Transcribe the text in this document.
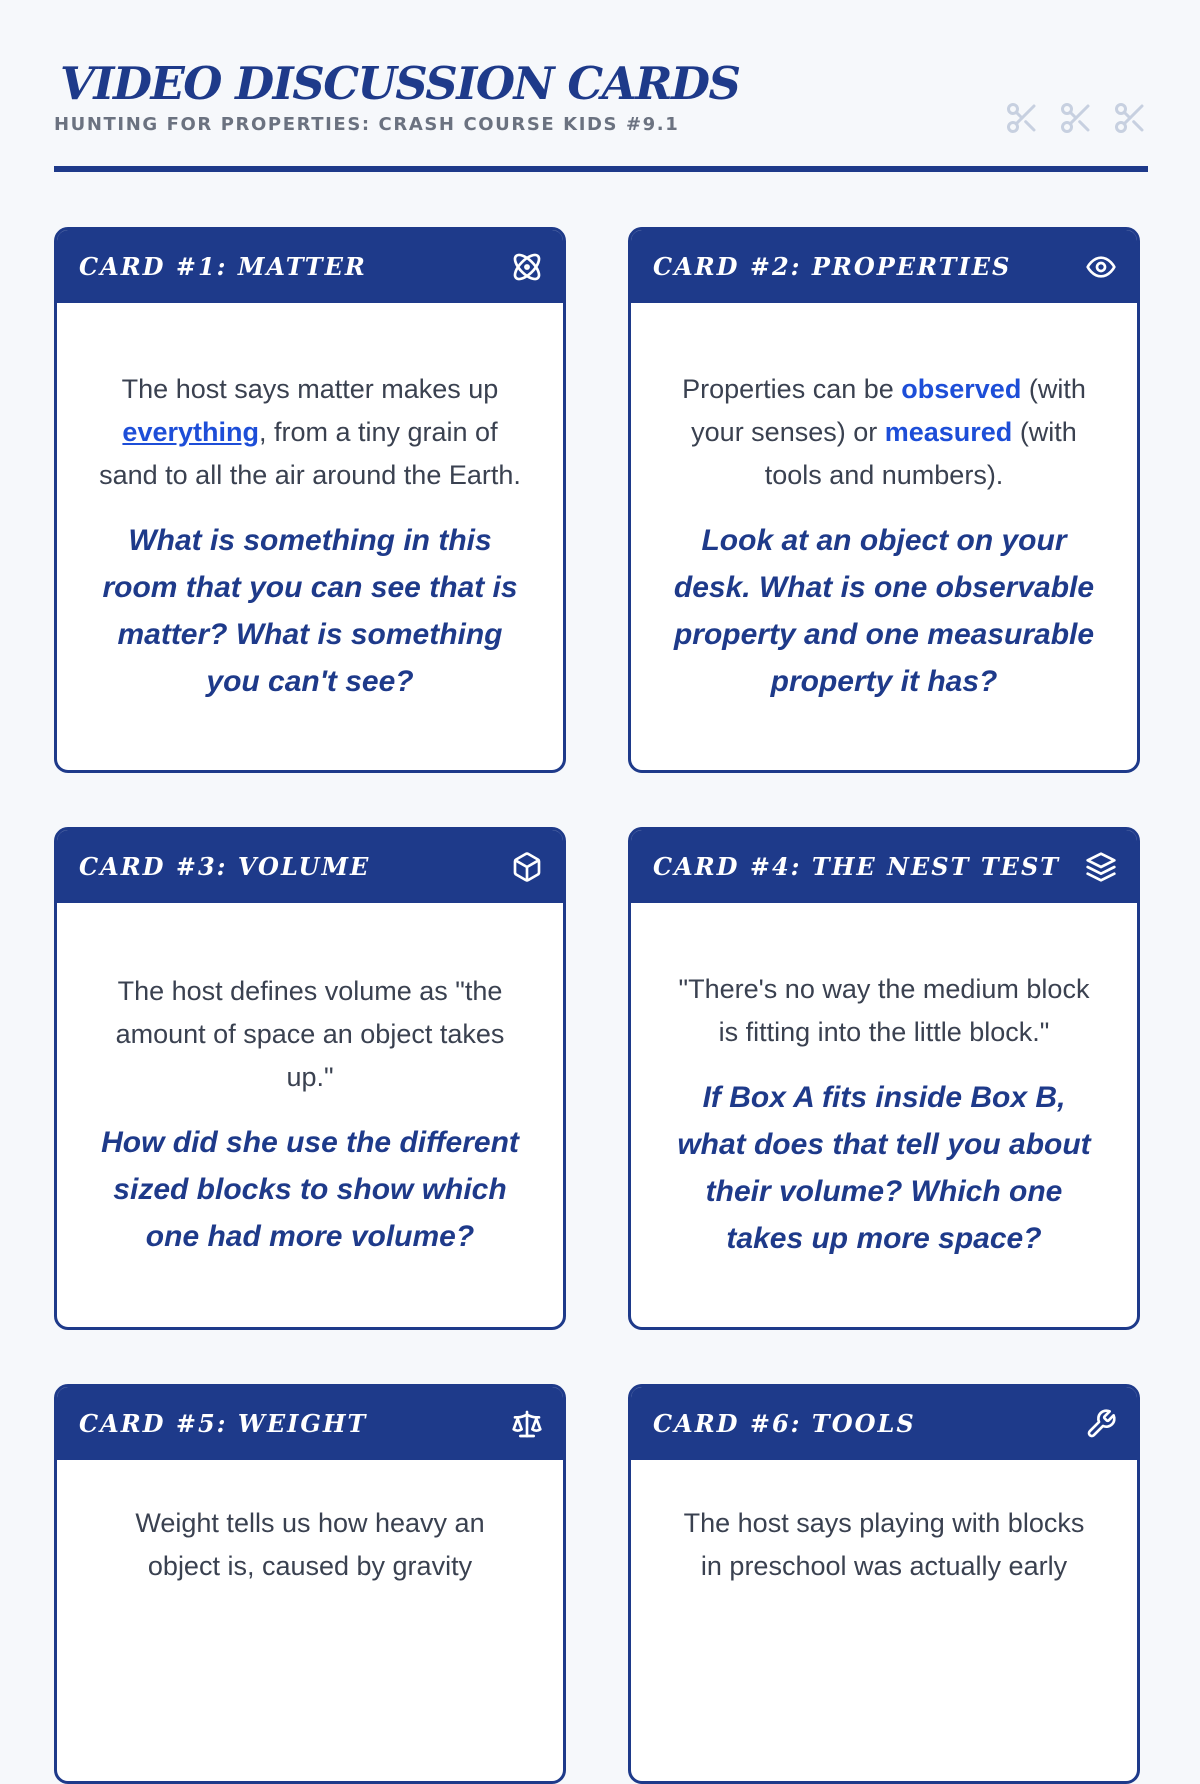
VIDEO DISCUSSION CARDS
HUNTING FOR PROPERTIES: CRASH COURSE KIDS #9.1
CARD #1: MATTER
The host says matter makes up everything, from a tiny grain of sand to all the air around the Earth.
What is something in this room that you can see that is matter? What is something you can't see?
CARD #2: PROPERTIES
Properties can be observed (with your senses) or measured (with tools and numbers).
Look at an object on your desk. What is one observable property and one measurable property it has?
CARD #3: VOLUME
The host defines volume as "the amount of space an object takes up."
How did she use the different sized blocks to show which one had more volume?
CARD #4: THE NEST TEST
"There's no way the medium block is fitting into the little block."
If Box A fits inside Box B, what does that tell you about their volume? Which one takes up more space?
CARD #5: WEIGHT
Weight tells us how heavy an object is, caused by gravity
CARD #6: TOOLS
The host says playing with blocks in preschool was actually early
